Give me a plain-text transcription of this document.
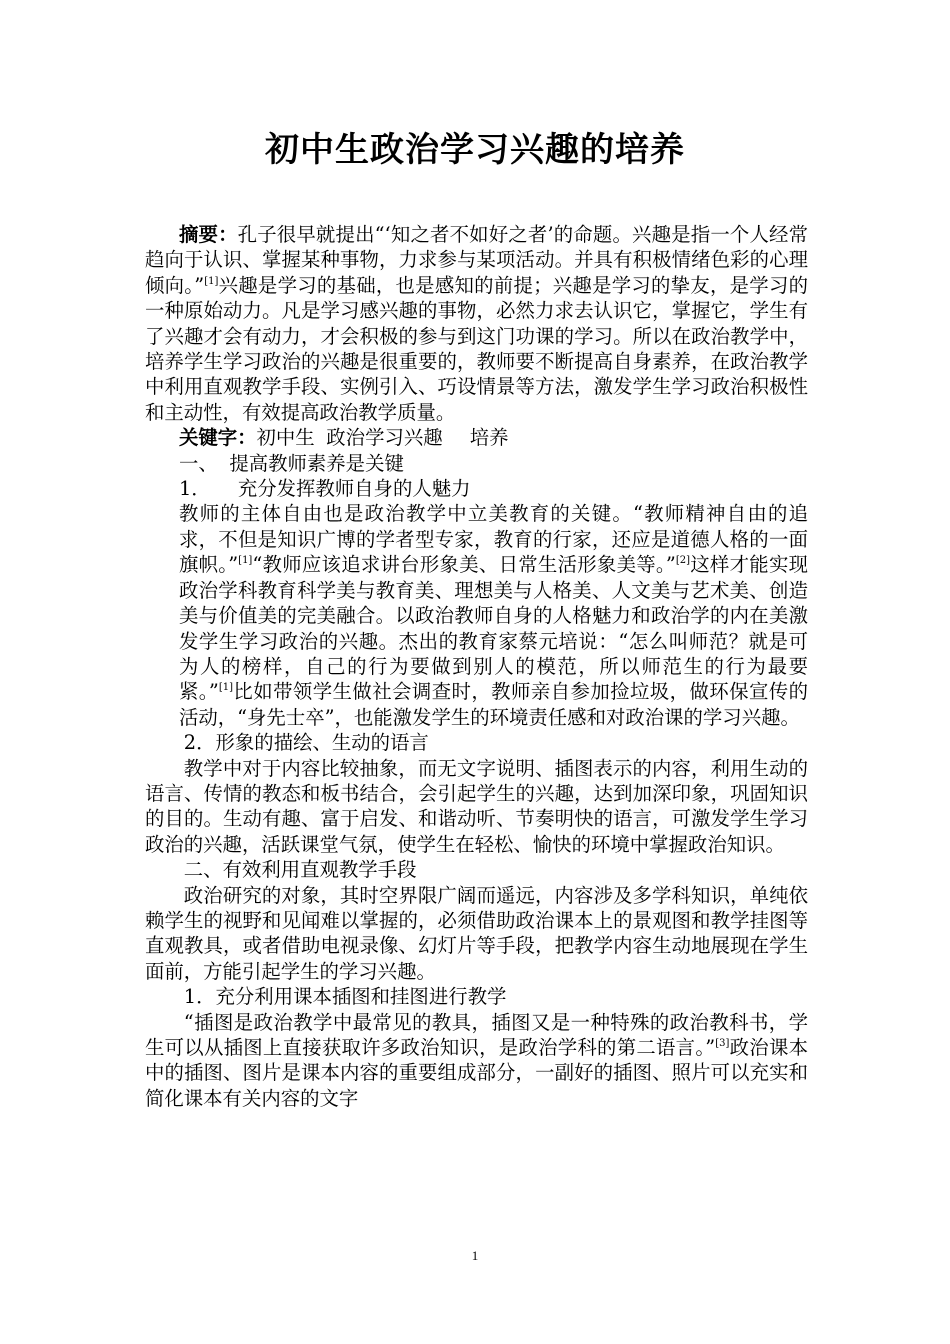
初中生政治学习兴趣的培养

摘要：孔子很早就提出“‘知之者不如好之者’的命题。兴趣是指一个人经常趋向于认识、掌握某种事物，力求参与某项活动。并具有积极情绪色彩的心理倾向。”[1]兴趣是学习的基础，也是感知的前提；兴趣是学习的挚友，是学习的一种原始动力。凡是学习感兴趣的事物，必然力求去认识它，掌握它，学生有了兴趣才会有动力，才会积极的参与到这门功课的学习。所以在政治教学中，培养学生学习政治的兴趣是很重要的，教师要不断提高自身素养，在政治教学中利用直观教学手段、实例引入、巧设情景等方法，激发学生学习政治积极性和主动性，有效提高政治教学质量。

关键字：初中生 政治学习兴趣 培养

一、 提高教师素养是关键

1． 充分发挥教师自身的人魅力

教师的主体自由也是政治教学中立美教育的关键。“教师精神自由的追求，不但是知识广博的学者型专家，教育的行家，还应是道德人格的一面旗帜。”[1]“教师应该追求讲台形象美、日常生活形象美等。”[2]这样才能实现政治学科教育科学美与教育美、理想美与人格美、人文美与艺术美、创造美与价值美的完美融合。以政治教师自身的人格魅力和政治学的内在美激发学生学习政治的兴趣。杰出的教育家蔡元培说：“怎么叫师范？就是可为人的榜样，自己的行为要做到别人的模范，所以师范生的行为最要紧。”[1]比如带领学生做社会调查时，教师亲自参加捡垃圾，做环保宣传的活动，“身先士卒”，也能激发学生的环境责任感和对政治课的学习兴趣。

2．形象的描绘、生动的语言

教学中对于内容比较抽象，而无文字说明、插图表示的内容，利用生动的语言、传情的教态和板书结合，会引起学生的兴趣，达到加深印象，巩固知识的目的。生动有趣、富于启发、和谐动听、节奏明快的语言，可激发学生学习政治的兴趣，活跃课堂气氛，使学生在轻松、愉快的环境中掌握政治知识。

二、有效利用直观教学手段

政治研究的对象，其时空界限广阔而遥远，内容涉及多学科知识，单纯依赖学生的视野和见闻难以掌握的，必须借助政治课本上的景观图和教学挂图等直观教具，或者借助电视录像、幻灯片等手段，把教学内容生动地展现在学生面前，方能引起学生的学习兴趣。

1．充分利用课本插图和挂图进行教学

“插图是政治教学中最常见的教具，插图又是一种特殊的政治教科书，学生可以从插图上直接获取许多政治知识，是政治学科的第二语言。”[3]政治课本中的插图、图片是课本内容的重要组成部分，一副好的插图、照片可以充实和简化课本有关内容的文字

1
